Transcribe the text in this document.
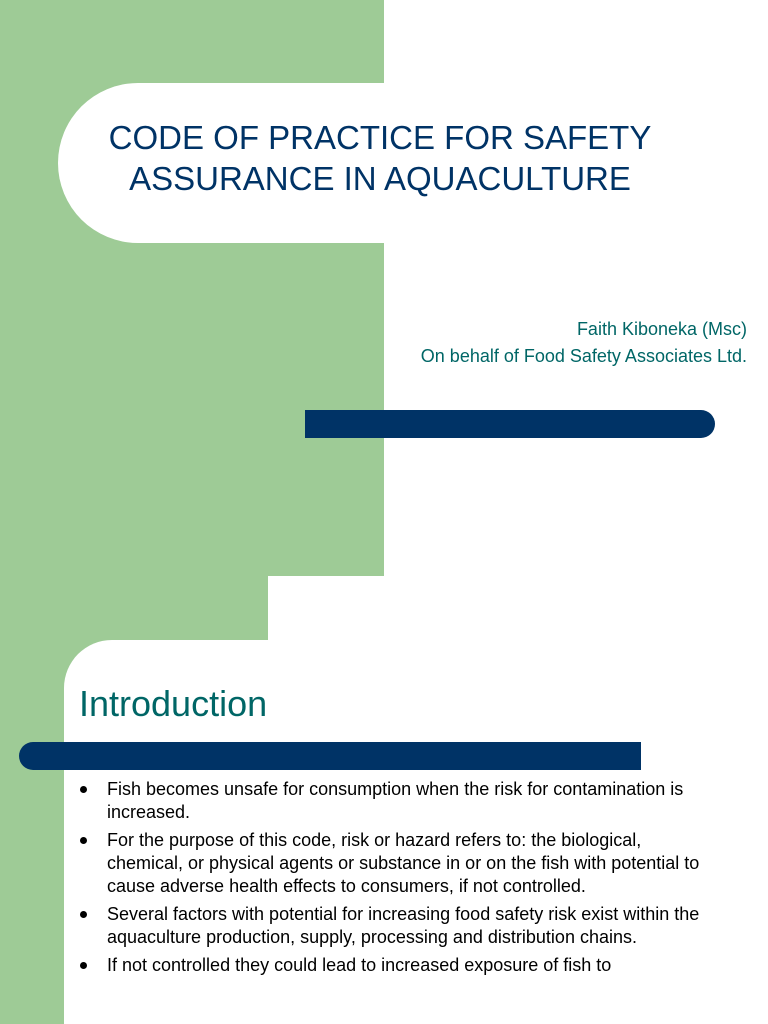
CODE OF PRACTICE FOR SAFETY ASSURANCE IN AQUACULTURE
Faith Kiboneka (Msc)
On behalf of Food Safety Associates Ltd.
Introduction
Fish becomes unsafe for consumption when the risk for contamination is increased.
For the purpose of this code, risk or hazard refers to: the biological, chemical, or physical agents or substance in or on the fish with potential to cause adverse health effects to consumers, if not controlled.
Several factors with potential for increasing food safety risk exist within the aquaculture production, supply, processing and distribution chains.
If not controlled they could lead to increased exposure of fish to
